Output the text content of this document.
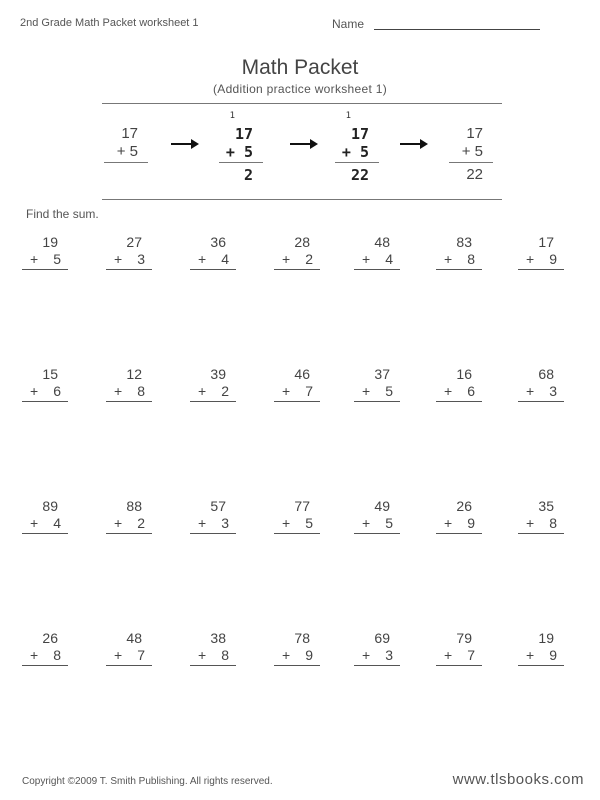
2nd Grade Math Packet worksheet 1	Name
Math Packet
(Addition practice worksheet 1)
17
+ 5
1
17
+ 5
2
1
17
+ 5
22
17
+ 5
22
Find the sum.
19
+	5
27
+	3
36
+	4
28
+	2
48
+	4
83
+	8
17
+	9
15
+	6
12
+	8
39
+	2
46
+	7
37
+	5
16
+	6
68
+	3
89
+	4
88
+	2
57
+	3
77
+	5
49
+	5
26
+	9
35
+	8
26
+	8
48
+	7
38
+	8
78
+	9
69
+	3
79
+	7
19
+	9
Copyright ©2009 T. Smith Publishing. All rights reserved.	www.tlsbooks.com
